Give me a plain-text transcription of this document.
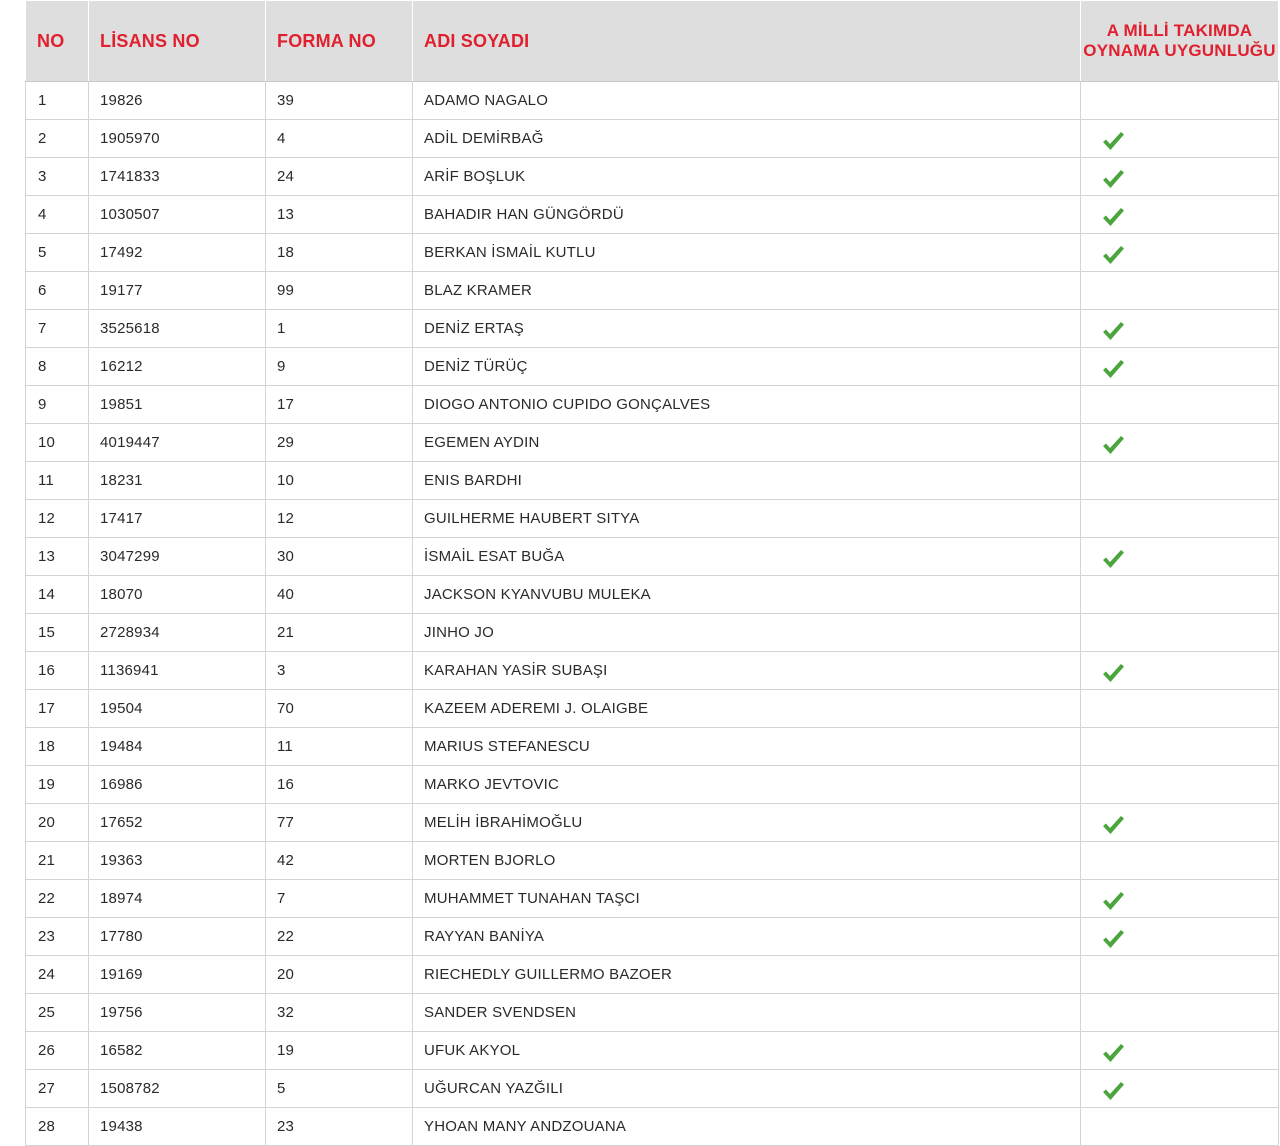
NO	LİSANS NO	FORMA NO	ADI SOYADI	A MİLLİ TAKIMDA OYNAMA UYGUNLUĞU
1	19826	39	ADAMO NAGALO	
2	1905970	4	ADİL DEMİRBAĞ	
3	1741833	24	ARİF BOŞLUK	
4	1030507	13	BAHADIR HAN GÜNGÖRDÜ	
5	17492	18	BERKAN İSMAİL KUTLU	
6	19177	99	BLAZ KRAMER	
7	3525618	1	DENİZ ERTAŞ	
8	16212	9	DENİZ TÜRÜÇ	
9	19851	17	DIOGO ANTONIO CUPIDO GONÇALVES	
10	4019447	29	EGEMEN AYDIN	
11	18231	10	ENIS BARDHI	
12	17417	12	GUILHERME HAUBERT SITYA	
13	3047299	30	İSMAİL ESAT BUĞA	
14	18070	40	JACKSON KYANVUBU MULEKA	
15	2728934	21	JINHO JO	
16	1136941	3	KARAHAN YASİR SUBAŞI	
17	19504	70	KAZEEM ADEREMI J. OLAIGBE	
18	19484	11	MARIUS STEFANESCU	
19	16986	16	MARKO JEVTOVIC	
20	17652	77	MELİH İBRAHİMOĞLU	
21	19363	42	MORTEN BJORLO	
22	18974	7	MUHAMMET TUNAHAN TAŞCI	
23	17780	22	RAYYAN BANİYA	
24	19169	20	RIECHEDLY GUILLERMO BAZOER	
25	19756	32	SANDER SVENDSEN	
26	16582	19	UFUK AKYOL	
27	1508782	5	UĞURCAN YAZĞILI	
28	19438	23	YHOAN MANY ANDZOUANA	
